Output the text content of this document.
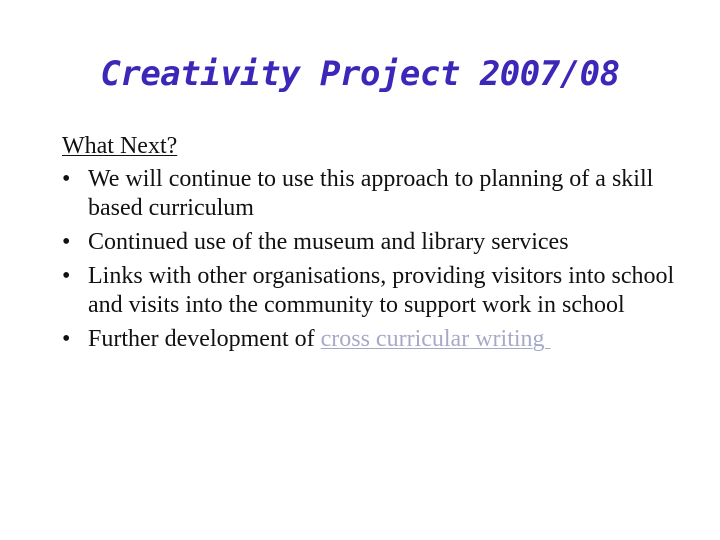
Creativity Project 2007/08
What Next?
• We will continue to use this approach to planning of a skill based curriculum
• Continued use of the museum and library services
• Links with other organisations, providing visitors into school and visits into the community to support work in school
• Further development of cross curricular writing
